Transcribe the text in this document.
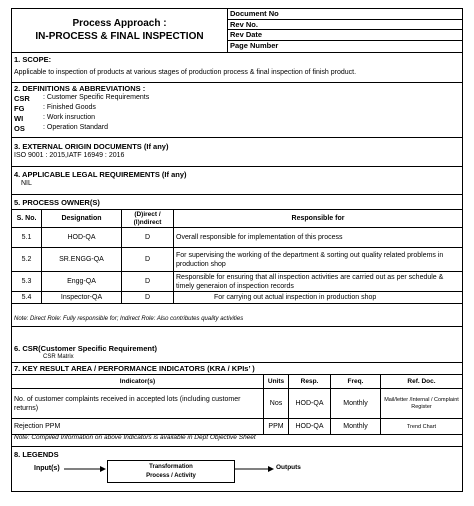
Process Approach :
IN-PROCESS & FINAL INSPECTION
Document No
Rev No.
Rev Date
Page Number
1. SCOPE:
Applicable to inspection of products at various stages of production process & final inspection of finish product.
2. DEFINITIONS & ABBREVIATIONS :
CSR : Customer Specific Requirements
FG	: Finished Goods
WI	: Work insruction
OS	: Operation Standard
3. EXTERNAL ORIGIN DOCUMENTS (If any)
ISO 9001 : 2015,IATF 16949 : 2016
4. APPLICABLE LEGAL REQUIREMENTS (If any)
NIL
5. PROCESS OWNER(S)
S. No.	Designation	(D)irect / (I)ndirect	Responsible for
5.1	HOD-QA	D	Overall responsible for implementation of this process
5.2	SR.ENGG-QA	D	For supervising the working of the department & sorting out quality related problems in production shop
5.3	Engg-QA	D	Responsible for ensuring that all inspection activities are carried out as per schedule & timely generaion of inspection records
5.4	Inspector-QA	D	For carrying out actual inspection in production shop
Note: Direct Role: Fully responsible for; Indirect Role: Also contributes quality activities
6. CSR(Customer Specific Requirement)
CSR Matrix
7. KEY RESULT AREA / PERFORMANCE INDICATORS (KRA / KPIs’ )
Indicator(s)	Units	Resp.	Freq.	Ref. Doc.
No. of customer complaints received in accepted lots (including customer returns)	Nos	HOD-QA	Monthly	Mail/letter /Internal / Complaint Register
Rejection PPM	PPM	HOD-QA	Monthly	Trend Chart
Note: Compiled Information on above Indicators is available in Dept Objective Sheet
8. LEGENDS
Input(s)	Transformation
Process / Activity
Outputs
